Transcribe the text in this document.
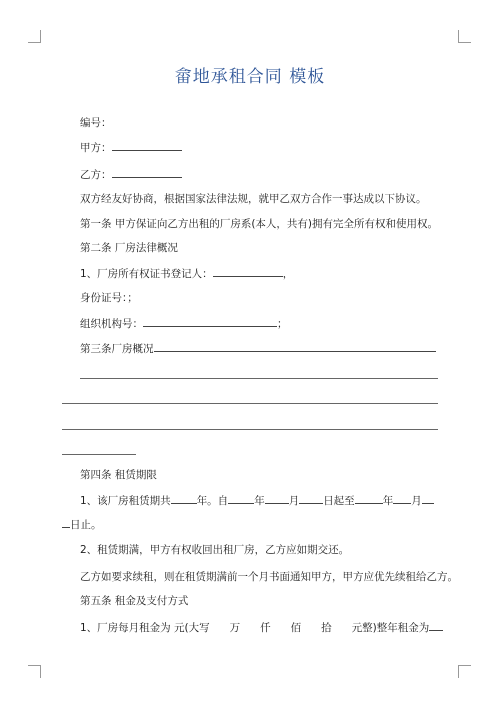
畲地承租合同 模板
编号：
甲方：
乙方：
双方经友好协商，根据国家法律法规，就甲乙双方合作一事达成以下协议。
第一条 甲方保证向乙方出租的厂房系(本人，共有)拥有完全所有权和使用权。
第二条 厂房法律概况
1、厂房所有权证书登记人：	，
身份证号：；
组织机构号：	；
第三条厂房概况
第四条 租赁期限
1、该厂房租赁期共 年。自 年 月 日起至	年 月
日止。
2、租赁期满，甲方有权收回出租厂房，乙方应如期交还。
乙方如要求续租，则在租赁期满前一个月书面通知甲方，甲方应优先续租给乙方。
第五条 租金及支付方式
1、厂房每月租金为 元(大写 万 仟 佰 拾 元整)整年租金为
